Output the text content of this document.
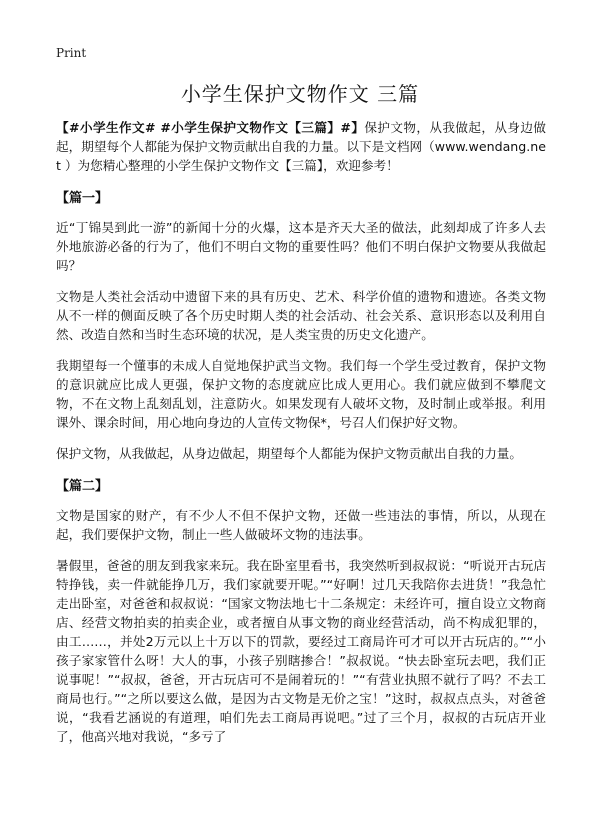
Print
小学生保护文物作文 三篇

【#小学生作文# #小学生保护文物作文【三篇】#】保护文物，从我做起，从身边做起，期望每个人都能为保护文物贡献出自我的力量。以下是文档网（www.wendang.net ）为您精心整理的小学生保护文物作文【三篇】，欢迎参考！

【篇一】

近“丁锦昊到此一游”的新闻十分的火爆，这本是齐天大圣的做法，此刻却成了许多人去外地旅游必备的行为了，他们不明白文物的重要性吗？他们不明白保护文物要从我做起吗？

文物是人类社会活动中遗留下来的具有历史、艺术、科学价值的遗物和遗迹。各类文物从不一样的侧面反映了各个历史时期人类的社会活动、社会关系、意识形态以及利用自然、改造自然和当时生态环境的状况，是人类宝贵的历史文化遗产。

我期望每一个懂事的未成人自觉地保护武当文物。我们每一个学生受过教育，保护文物的意识就应比成人更强，保护文物的态度就应比成人更用心。我们就应做到不攀爬文物，不在文物上乱刻乱划，注意防火。如果发现有人破坏文物，及时制止或举报。利用课外、课余时间，用心地向身边的人宣传文物保*，号召人们保护好文物。

保护文物，从我做起，从身边做起，期望每个人都能为保护文物贡献出自我的力量。

【篇二】

文物是国家的财产，有不少人不但不保护文物，还做一些违法的事情，所以，从现在起，我们要保护文物，制止一些人做破坏文物的违法事。

暑假里，爸爸的朋友到我家来玩。我在卧室里看书，我突然听到叔叔说：“听说开古玩店特挣钱，卖一件就能挣几万，我们家就要开呢。”“好啊！过几天我陪你去进货！”我急忙走出卧室，对爸爸和叔叔说：“国家文物法地七十二条规定：未经许可，擅自设立文物商店、经营文物拍卖的拍卖企业，或者擅自从事文物的商业经营活动，尚不构成犯罪的，由工……，并处2万元以上十万以下的罚款，要经过工商局许可才可以开古玩店的。”“小孩子家家管什么呀！大人的事，小孩子别瞎掺合！”叔叔说。“快去卧室玩去吧，我们正说事呢！”“叔叔，爸爸，开古玩店可不是闹着玩的！”“有营业执照不就行了吗？不去工商局也行。”“之所以要这么做，是因为古文物是无价之宝！”这时，叔叔点点头，对爸爸说，“我看艺涵说的有道理，咱们先去工商局再说吧。”过了三个月，叔叔的古玩店开业了，他高兴地对我说，“多亏了
